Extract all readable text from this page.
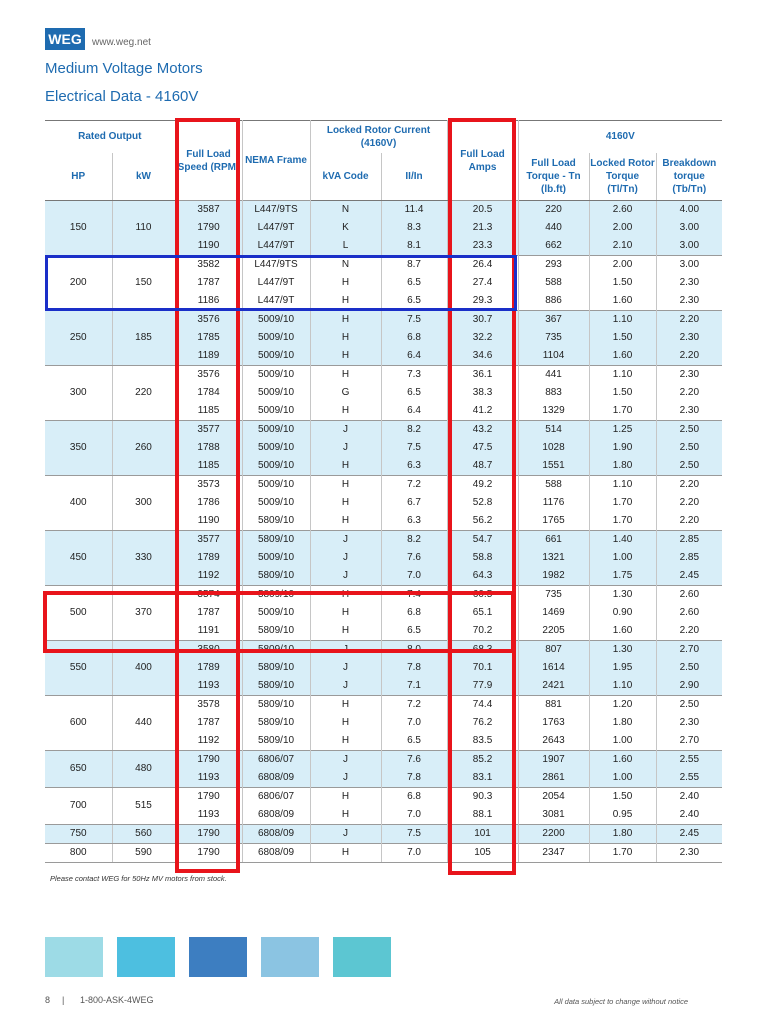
WEG www.weg.net
Medium Voltage Motors
Electrical Data - 4160V
Rated Output		Full Load Speed (RPM)	NEMA Frame	Locked Rotor Current (4160V)		Full Load Amps	4160V		
HP	kW			kVA Code	II/In		Full Load Torque - Tn (lb.ft)	Locked Rotor Torque (Tl/Tn)	Breakdown torque (Tb/Tn)
150	110	3587	L447/9TS	N	11.4	20.5	220	2.60	4.00
		1790	L447/9T	K	8.3	21.3	440	2.00	3.00
		1190	L447/9T	L	8.1	23.3	662	2.10	3.00
200	150	3582	L447/9TS	N	8.7	26.4	293	2.00	3.00
		1787	L447/9T	H	6.5	27.4	588	1.50	2.30
		1186	L447/9T	H	6.5	29.3	886	1.60	2.30
250	185	3576	5009/10	H	7.5	30.7	367	1.10	2.20
		1785	5009/10	H	6.8	32.2	735	1.50	2.30
		1189	5009/10	H	6.4	34.6	1104	1.60	2.20
300	220	3576	5009/10	H	7.3	36.1	441	1.10	2.30
		1784	5009/10	G	6.5	38.3	883	1.50	2.20
		1185	5009/10	H	6.4	41.2	1329	1.70	2.30
350	260	3577	5009/10	J	8.2	43.2	514	1.25	2.50
		1788	5009/10	J	7.5	47.5	1028	1.90	2.50
		1185	5009/10	H	6.3	48.7	1551	1.80	2.50
400	300	3573	5009/10	H	7.2	49.2	588	1.10	2.20
		1786	5009/10	H	6.7	52.8	1176	1.70	2.20
		1190	5809/10	H	6.3	56.2	1765	1.70	2.20
450	330	3577	5809/10	J	8.2	54.7	661	1.40	2.85
		1789	5009/10	J	7.6	58.8	1321	1.00	2.85
		1192	5809/10	J	7.0	64.3	1982	1.75	2.45
500	370	3574	5809/10	H	7.4	60.5	735	1.30	2.60
		1787	5009/10	H	6.8	65.1	1469	0.90	2.60
		1191	5809/10	H	6.5	70.2	2205	1.60	2.20
550	400	3580	5809/10	J	8.0	68.3	807	1.30	2.70
		1789	5809/10	J	7.8	70.1	1614	1.95	2.50
		1193	5809/10	J	7.1	77.9	2421	1.10	2.90
600	440	3578	5809/10	H	7.2	74.4	881	1.20	2.50
		1787	5809/10	H	7.0	76.2	1763	1.80	2.30
		1192	5809/10	H	6.5	83.5	2643	1.00	2.70
650	480	1790	6806/07	J	7.6	85.2	1907	1.60	2.55
		1193	6808/09	J	7.8	83.1	2861	1.00	2.55
700	515	1790	6806/07	H	6.8	90.3	2054	1.50	2.40
		1193	6808/09	H	7.0	88.1	3081	0.95	2.40
750	560	1790	6808/09	J	7.5	101	2200	1.80	2.45
800	590	1790	6808/09	H	7.0	105	2347	1.70	2.30
Please contact WEG for 50Hz MV motors from stock.
8 | 1-800-ASK-4WEG	All data subject to change without notice
